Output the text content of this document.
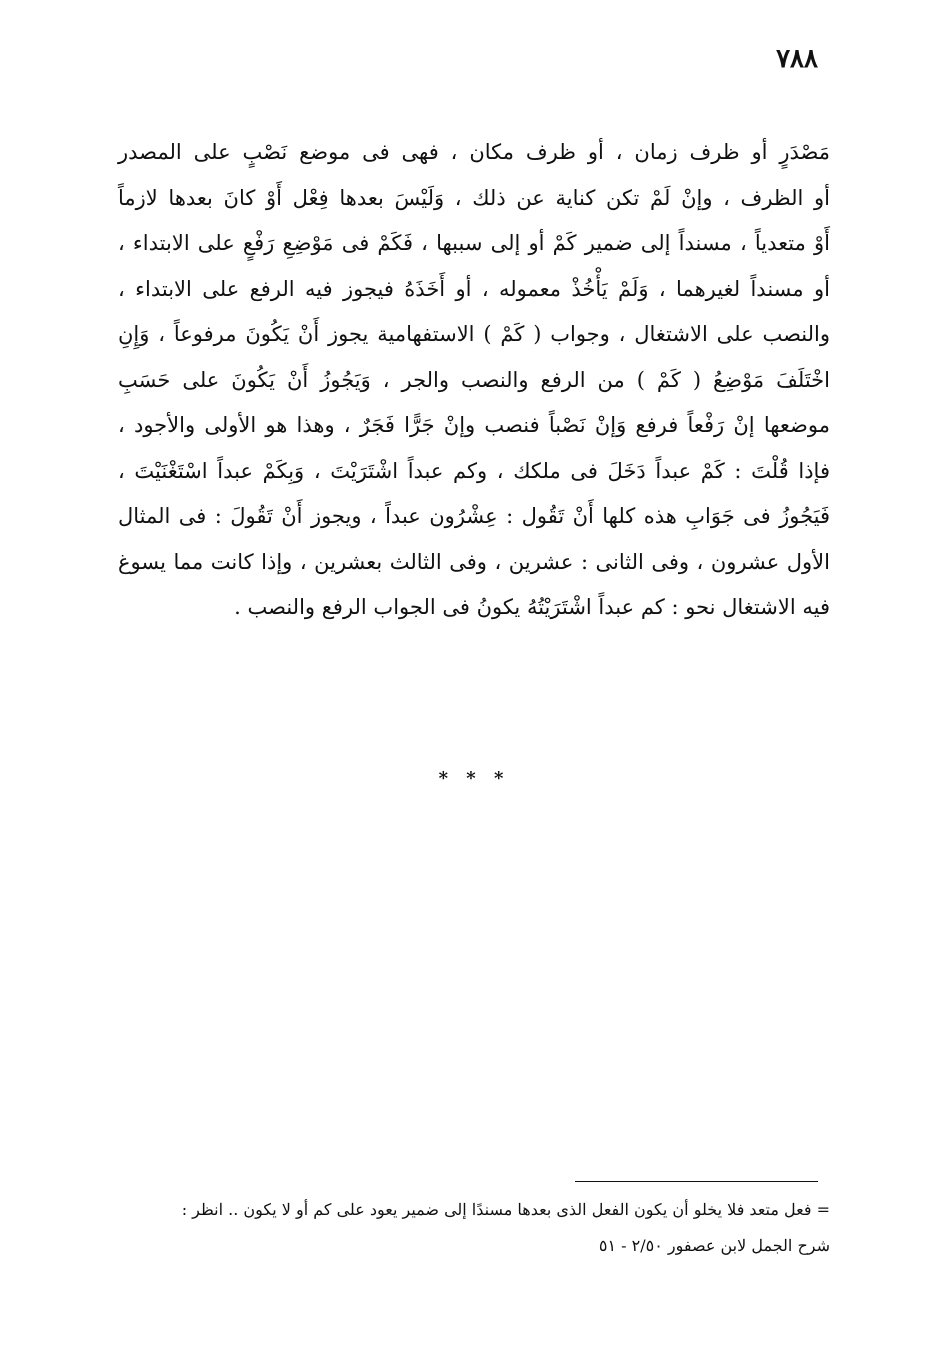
٧٨٨
مَصْدَرٍ أو ظرف زمان ، أو ظرف مكان ، فهى فى موضع نَصْبٍ على المصدر
أو الظرف ، وإنْ لَمْ تكن كناية عن ذلك ، وَلَيْسَ بعدها فِعْل أَوْ كانَ بعدها لازماً
أَوْ متعدياً ، مسنداً إلى ضمير كَمْ أو إلى سببها ، فَكَمْ فى مَوْضِعِ رَفْعٍ على الابتداء ،
أو مسنداً لغيرهما ، وَلَمْ يَأْخُذْ معموله ، أو أَخَذَهُ فيجوز فيه الرفع على الابتداء ،
والنصب على الاشتغال ، وجواب ( كَمْ ) الاستفهامية يجوز أَنْ يَكُونَ مرفوعاً ، وَإِنِ
اخْتَلَفَ مَوْضِعُ ( كَمْ ) من الرفع والنصب والجر ، وَيَجُوزُ أَنْ يَكُونَ على حَسَبِ
موضعها إنْ رَفْعاً فرفع وَإنْ نَصْباً فنصب وإنْ جَرًّا فَجَرٌ ، وهذا هو الأولى والأجود ،
فإذا قُلْتَ : كَمْ عبداً دَخَلَ فى ملكك ، وكم عبداً اشْتَرَيْتَ ، وَبِكَمْ عبداً اسْتَغْنَيْتَ ،
فَيَجُوزُ فى جَوَابِ هذه كلها أَنْ تَقُول : عِشْرُون عبداً ، ويجوز أَنْ تَقُولَ : فى المثال
الأول عشرون ، وفى الثانى : عشرين ، وفى الثالث بعشرين ، وإذا كانت مما يسوغ
فيه الاشتغال نحو : كم عبداً اشْتَرَيْتُهُ يكونُ فى الجواب الرفع والنصب .
* * *
= فعل متعد فلا يخلو أن يكون الفعل الذى بعدها مسندًا إلى ضمير يعود على كم أو لا يكون .. انظر :
شرح الجمل لابن عصفور ٢/٥٠ - ٥١
